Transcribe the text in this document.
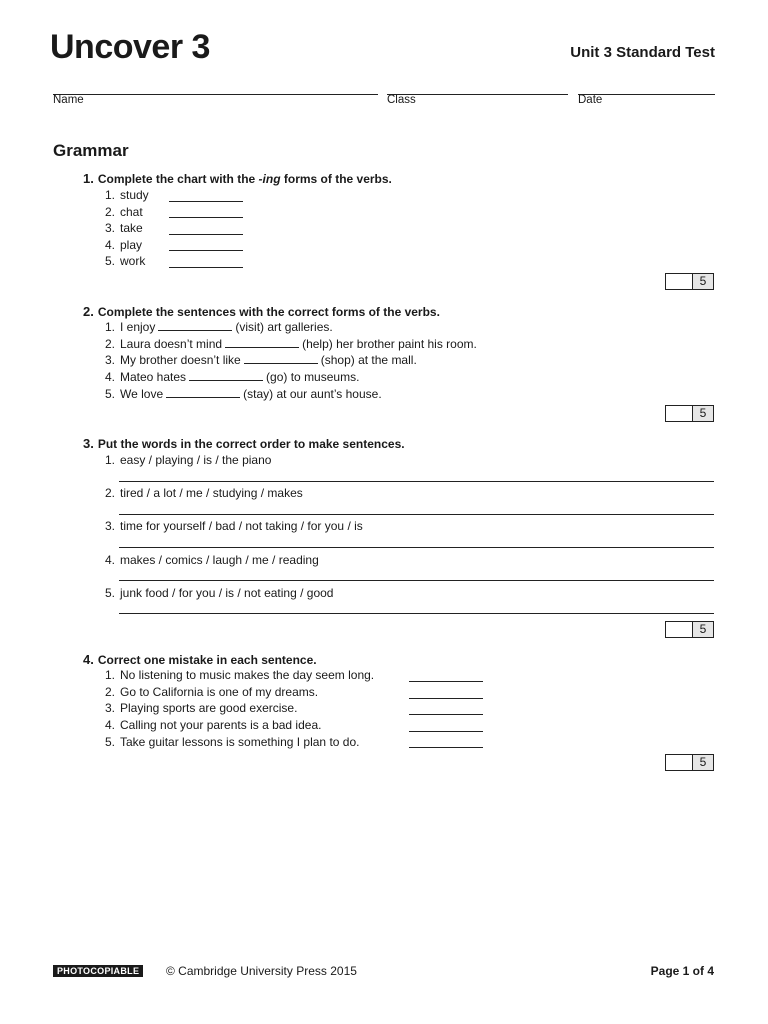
Uncover 3	Unit 3 Standard Test
Name	Class	Date
Grammar
1. Complete the chart with the -ing forms of the verbs.
1. study
2. chat
3. take
4. play
5. work
5
2. Complete the sentences with the correct forms of the verbs.
1. I enjoy	(visit) art galleries.
2. Laura doesn’t mind	(help) her brother paint his room.
3. My brother doesn’t like	(shop) at the mall.
4. Mateo hates	(go) to museums.
5. We love	(stay) at our aunt’s house.
5
3. Put the words in the correct order to make sentences.
1. easy / playing / is / the piano
2. tired / a lot / me / studying / makes
3. time for yourself / bad / not taking / for you / is
4. makes / comics / laugh / me / reading
5. junk food / for you / is / not eating / good
5
4. Correct one mistake in each sentence.
1. No listening to music makes the day seem long.
2. Go to California is one of my dreams.
3. Playing sports are good exercise.
4. Calling not your parents is a bad idea.
5. Take guitar lessons is something I plan to do.
5
PHOTOCOPIABLE	© Cambridge University Press 2015	Page 1 of 4
